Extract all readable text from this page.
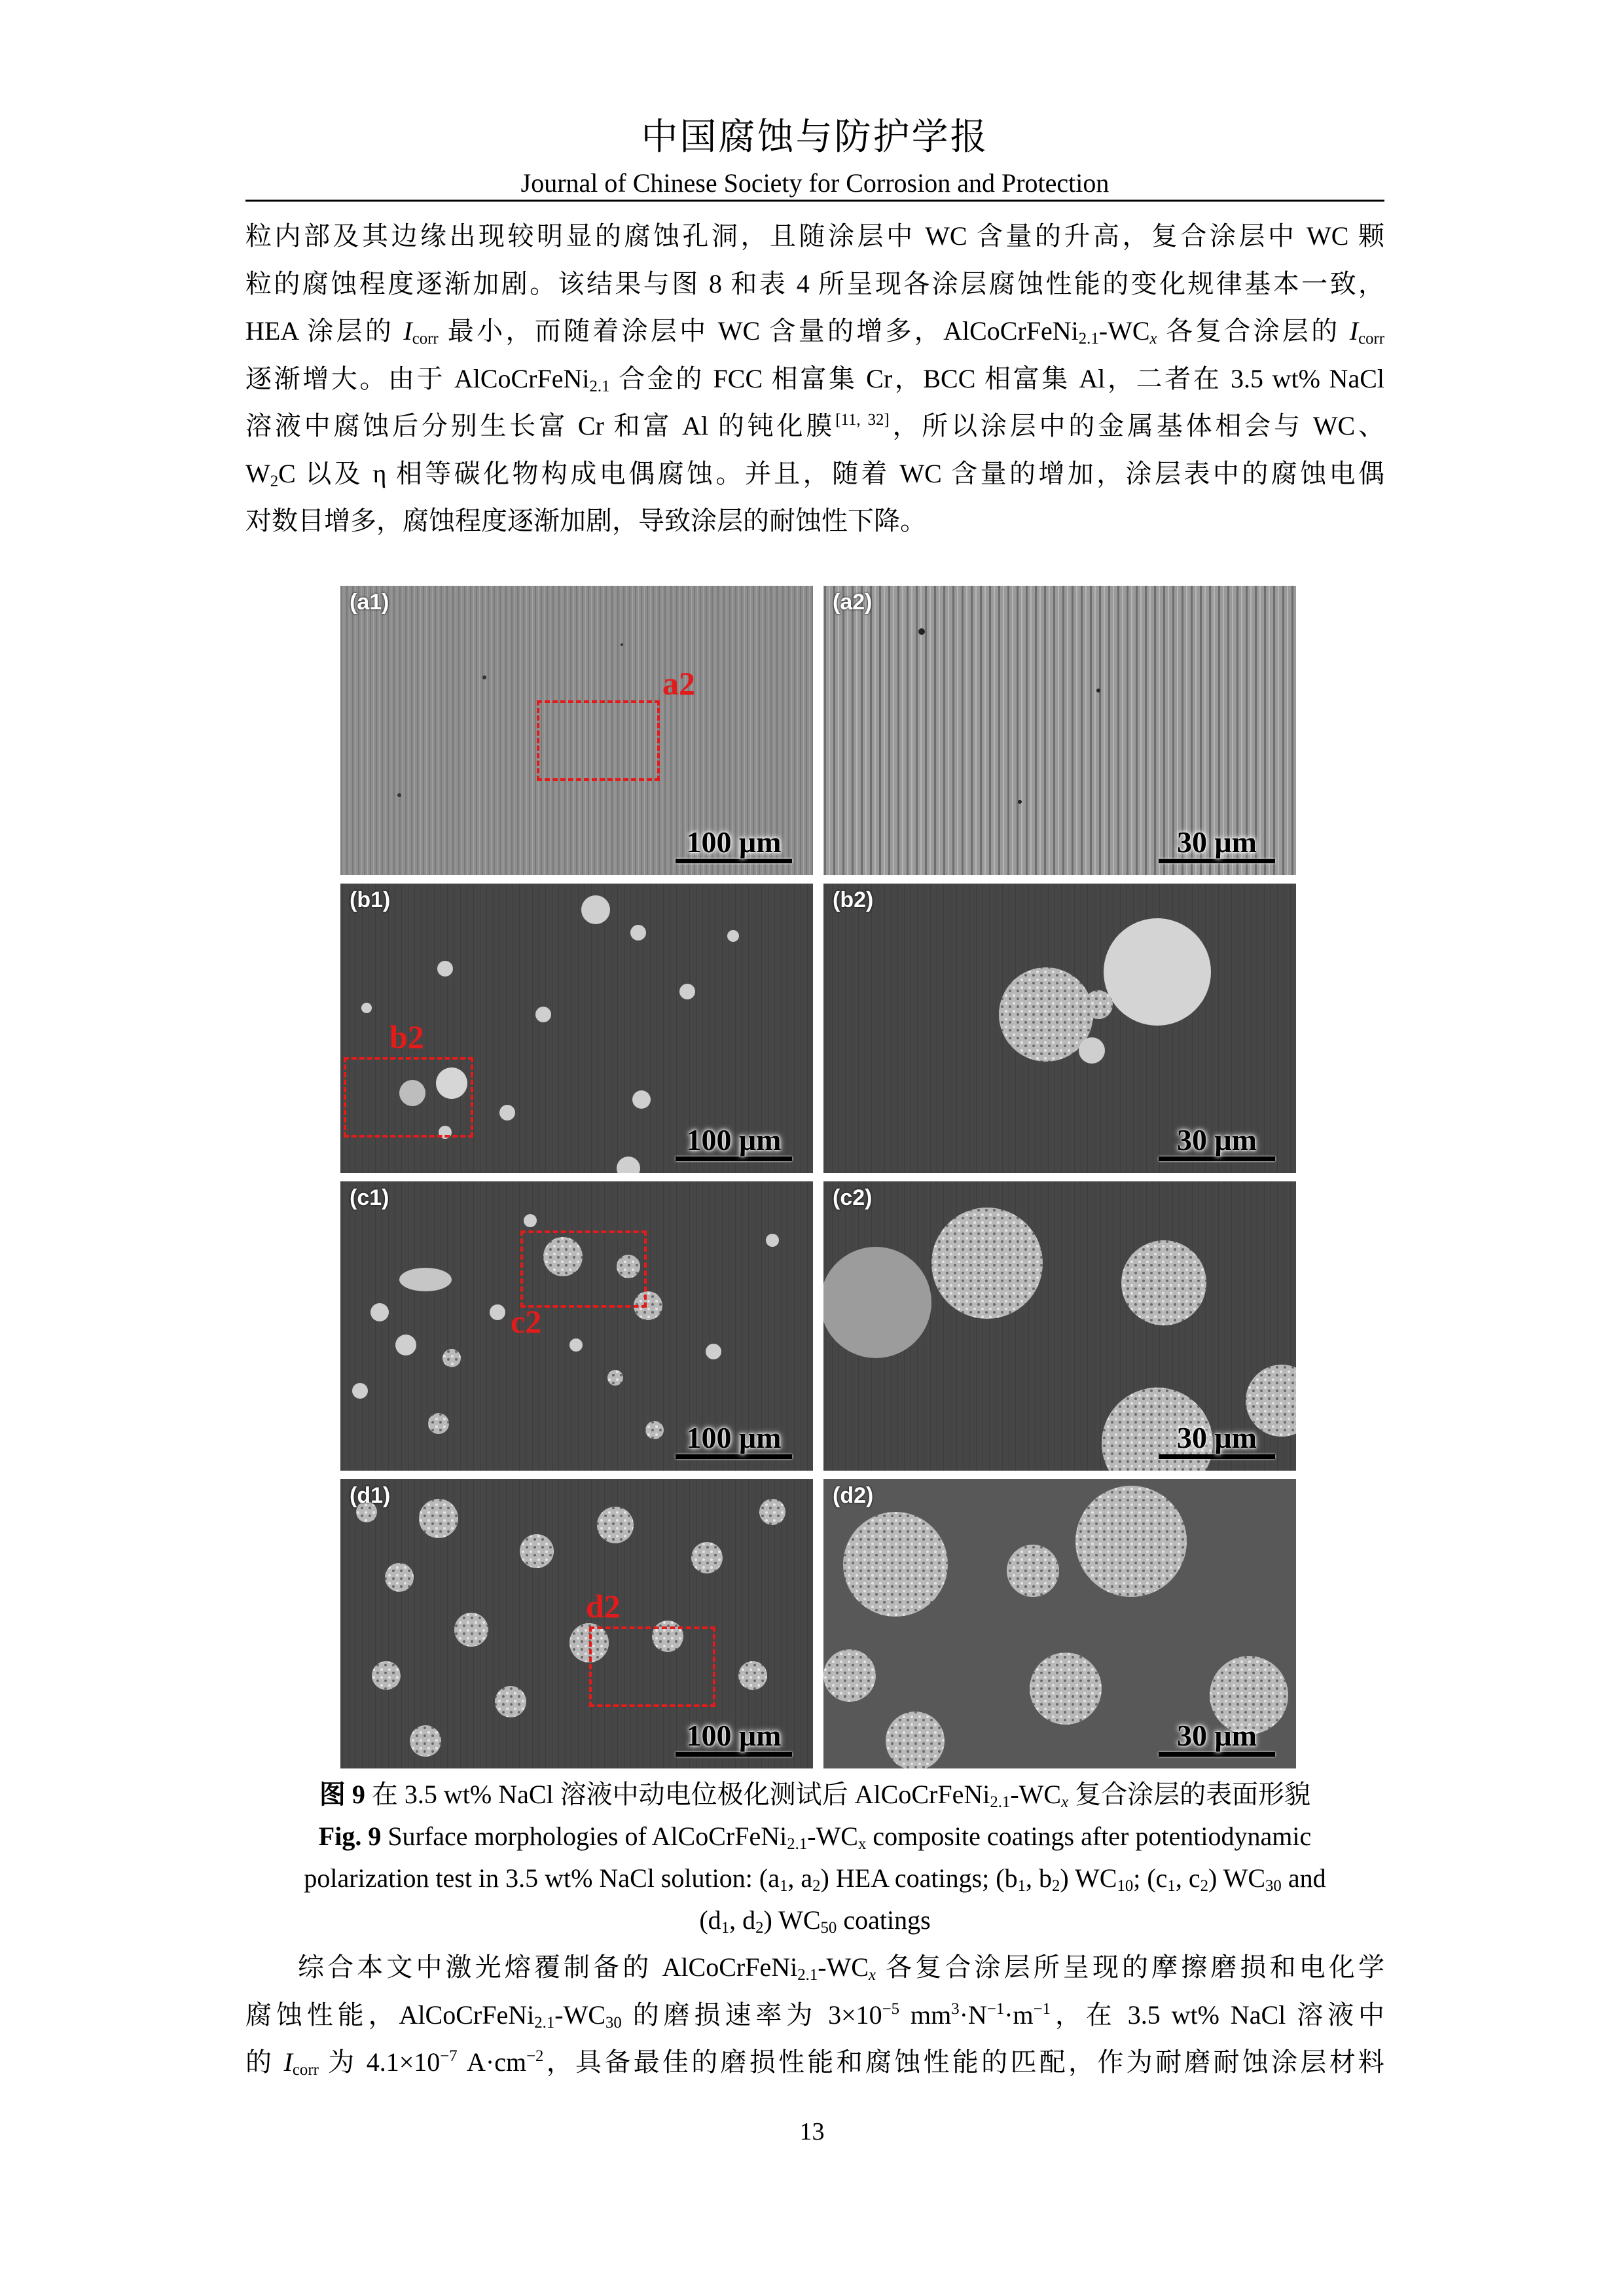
中国腐蚀与防护学报
Journal of Chinese Society for Corrosion and Protection
粒内部及其边缘出现较明显的腐蚀孔洞，且随涂层中 WC 含量的升高，复合涂层中 WC 颗
粒的腐蚀程度逐渐加剧。该结果与图 8 和表 4 所呈现各涂层腐蚀性能的变化规律基本一致，
HEA 涂层的 $I_{corr}$ 最小，而随着涂层中 WC 含量的增多，$AlCoCrFeNi_{2.1}-WC_x$ 各复合涂层的 $I_{corr}$
逐渐增大。由于 AlCoCrFeNi$_{2.1}$ 合金的 FCC 相富集 Cr，BCC 相富集 Al，二者在 3.5 wt% NaCl
溶液中腐蚀后分别生长富 Cr 和富 Al 的钝化膜[11, 32]，所以涂层中的金属基体相会与 WC、
$W_2C$ 以及 η 相等碳化物构成电偶腐蚀。并且，随着 WC 含量的增加，涂层表中的腐蚀电偶
对数目增多，腐蚀程度逐渐加剧，导致涂层的耐蚀性下降。
(a1)
a2
100 μm
(a2)
30 μm
(b1)
b2
100 μm
(b2)
30 μm
(c1)
c2
100 μm
(c2)
30 μm
(d1)
d2
100 μm
(d2)
30 μm
图 9 在 3.5 wt% NaCl 溶液中动电位极化测试后 $AlCoCrFeNi_{2.1}-WC_x$ 复合涂层的表面形貌
Fig. 9 Surface morphologies of $AlCoCrFeNi_{2.1}-WC_x$ composite coatings after potentiodynamic
polarization test in 3.5 wt% NaCl solution: ($a_1$, $a_2$) HEA coatings; ($b_1$, $b_2$) $WC_{10}$; ($c_1$, $c_2$) $WC_{30}$ and
($d_1$, $d_2$) $WC_{50}$ coatings
综合本文中激光熔覆制备的 $AlCoCrFeNi_{2.1}-WC_x$ 各复合涂层所呈现的摩擦磨损和电化学
腐蚀性能，$AlCoCrFeNi_{2.1}-WC_{30}$ 的磨损速率为 $3\times 10^{-5}$ $mm^3\cdot N^{-1}\cdot m^{-1}$，在 3.5 wt% NaCl 溶液中
的 $I_{corr}$ 为 $4.1\times 10^{-7}$ $A\cdot cm^{-2}$，具备最佳的磨损性能和腐蚀性能的匹配，作为耐磨耐蚀涂层材料
13
